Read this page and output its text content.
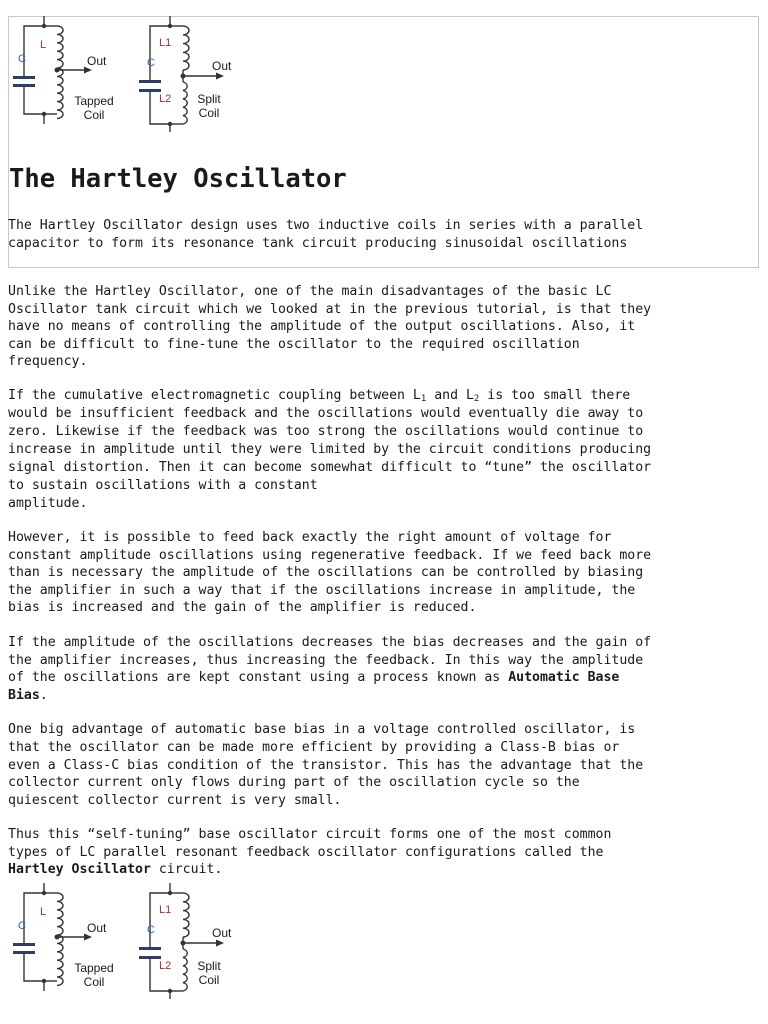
C
L
Out
Tapped
Coil
L1
C
L2
Out
Split
Coil
The Hartley Oscillator

The Hartley Oscillator design uses two inductive coils in series with a parallel
capacitor to form its resonance tank circuit producing sinusoidal oscillations

Unlike the Hartley Oscillator, one of the main disadvantages of the basic LC
Oscillator tank circuit which we looked at in the previous tutorial, is that they
have no means of controlling the amplitude of the output oscillations. Also, it
can be difficult to fine-tune the oscillator to the required oscillation
frequency.

If the cumulative electromagnetic coupling between $L_1$ and $L_2$ is too small there
would be insufficient feedback and the oscillations would eventually die away to
zero. Likewise if the feedback was too strong the oscillations would continue to
increase in amplitude until they were limited by the circuit conditions producing
signal distortion. Then it can become somewhat difficult to “tune” the oscillator
to sustain oscillations with a constant
amplitude.

However, it is possible to feed back exactly the right amount of voltage for
constant amplitude oscillations using regenerative feedback. If we feed back more
than is necessary the amplitude of the oscillations can be controlled by biasing
the amplifier in such a way that if the oscillations increase in amplitude, the
bias is increased and the gain of the amplifier is reduced.

If the amplitude of the oscillations decreases the bias decreases and the gain of
the amplifier increases, thus increasing the feedback. In this way the amplitude
of the oscillations are kept constant using a process known as Automatic Base
Bias.

One big advantage of automatic base bias in a voltage controlled oscillator, is
that the oscillator can be made more efficient by providing a Class-B bias or
even a Class-C bias condition of the transistor. This has the advantage that the
collector current only flows during part of the oscillation cycle so the
quiescent collector current is very small.

Thus this “self-tuning” base oscillator circuit forms one of the most common
types of LC parallel resonant feedback oscillator configurations called the
Hartley Oscillator circuit.

C
L
Out
Tapped
Coil
L1
C
L2
Out
Split
Coil
